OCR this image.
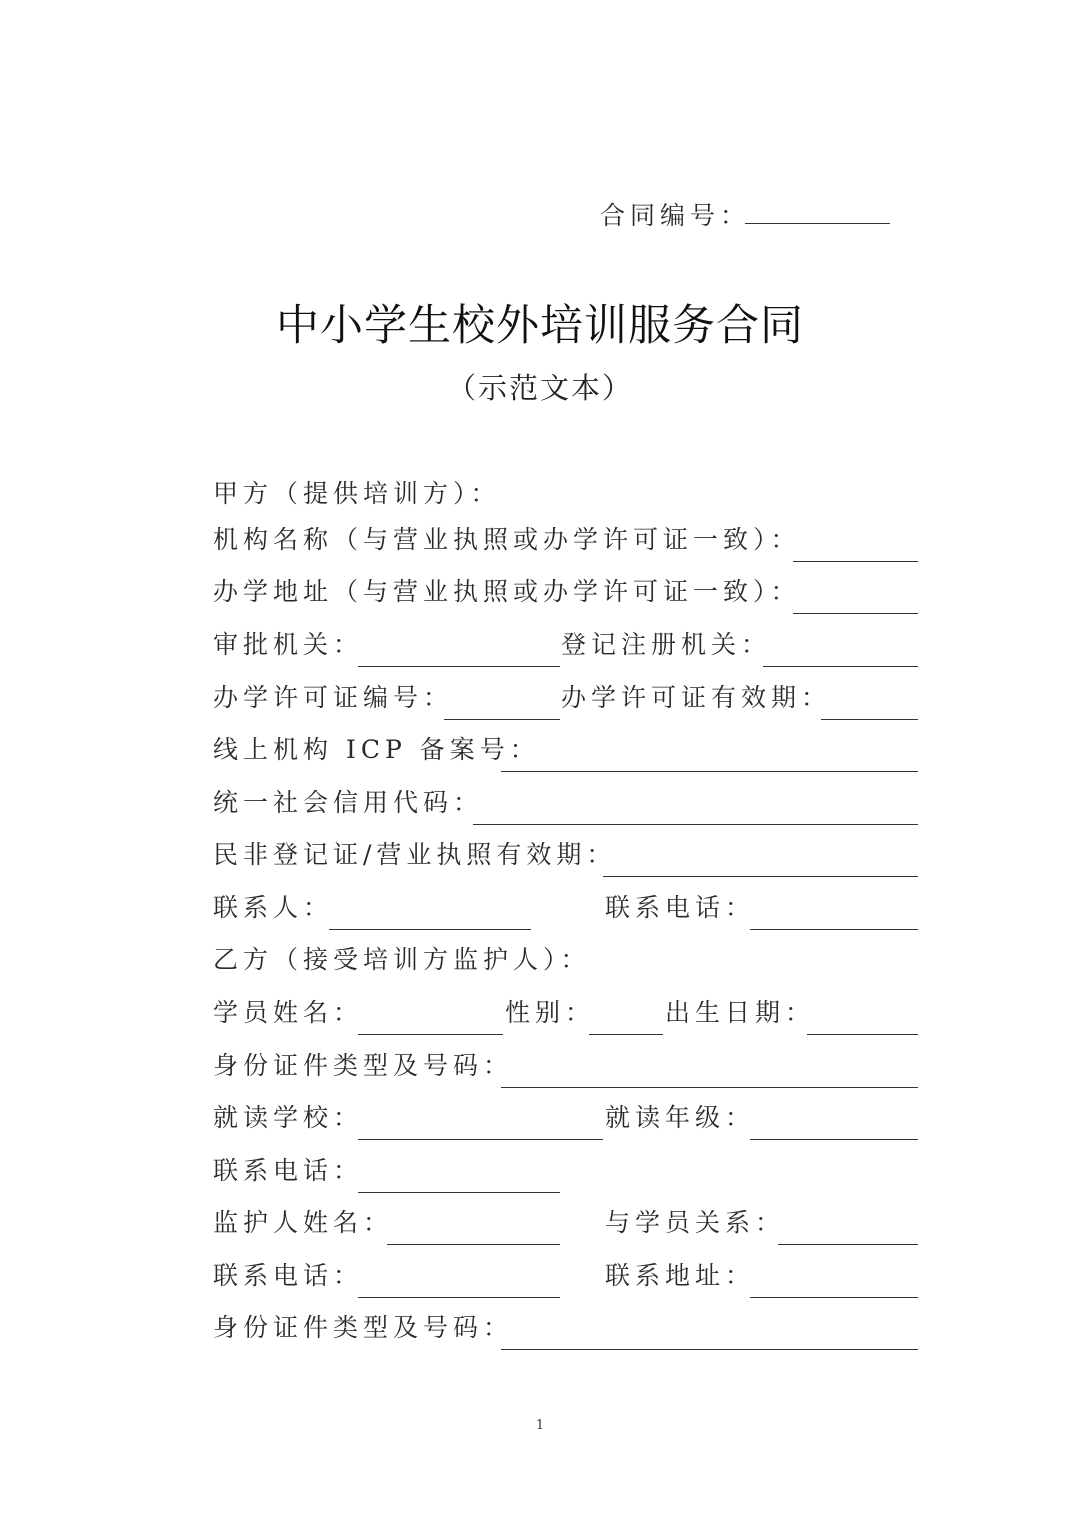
合同编号：
中小学生校外培训服务合同
（示范文本）
甲方（提供培训方）：
机构名称（与营业执照或办学许可证一致）：
办学地址（与营业执照或办学许可证一致）：
审批机关：	登记注册机关：
办学许可证编号：	办学许可证有效期：
线上机构 ICP 备案号：
统一社会信用代码：
民非登记证/营业执照有效期：
联系人：	联系电话：
乙方（接受培训方监护人）：
学员姓名：	性别：	出生日期：
身份证件类型及号码：
就读学校：	就读年级：
联系电话：
监护人姓名：	与学员关系：
联系电话：	联系地址：
身份证件类型及号码：
1
